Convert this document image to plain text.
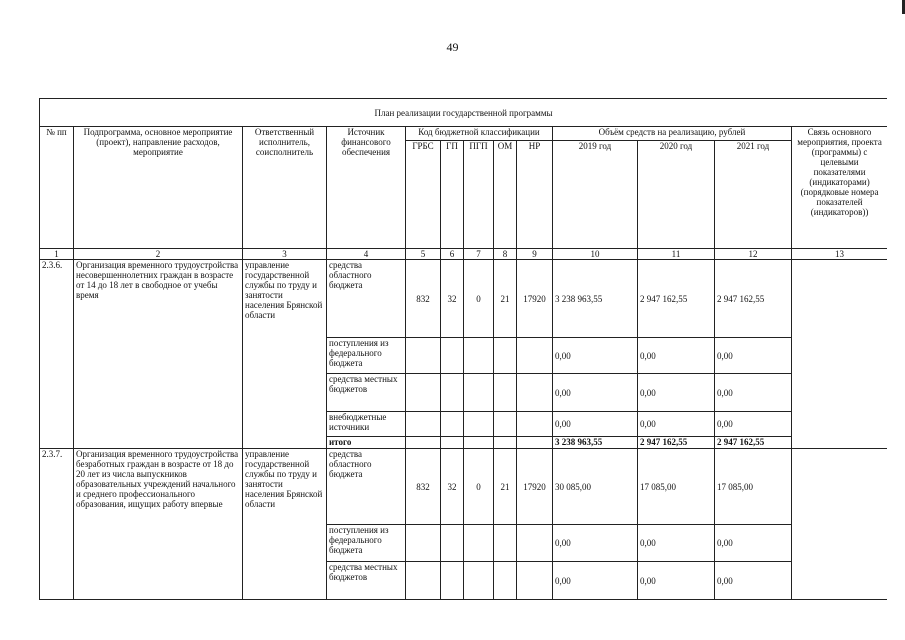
49
План реализации государственной программы												
№ пп	Подпрограмма, основное мероприятие (проект), направление расходов, мероприятие	Ответственный исполнитель, соисполнитель	Источник финансового обеспечения	Код бюджетной классификации					Объём средств на реализацию, рублей			Связь основного мероприятия, проекта (программы) с целевыми показателями (индикаторами) (порядковые номера показателей (индикаторов))
				ГРБС	ГП	ПГП	ОМ	НР	2019 год	2020 год	2021 год	
1	2	3	4	5	6	7	8	9	10	11	12	13
2.3.6.	Организация временного трудоустройства несовершеннолетних граждан в возрасте от 14 до 18 лет в свободное от учебы время	управление государственной службы по труду и занятости населения Брянской области	средства областного бюджета	832	32	0	21	17920	3 238 963,55	2 947 162,55	2 947 162,55	
			поступления из федерального бюджета						0,00	0,00	0,00	
			средства местных бюджетов						0,00	0,00	0,00	
			внебюджетные источники						0,00	0,00	0,00	
			итого						3 238 963,55	2 947 162,55	2 947 162,55	
2.3.7.	Организация временного трудоустройства безработных граждан в возрасте от 18 до 20 лет из числа выпускников образовательных учреждений начального и среднего профессионального образования, ищущих работу впервые	управление государственной службы по труду и занятости населения Брянской области	средства областного бюджета	832	32	0	21	17920	30 085,00	17 085,00	17 085,00	
			поступления из федерального бюджета						0,00	0,00	0,00	
			средства местных бюджетов						0,00	0,00	0,00	
